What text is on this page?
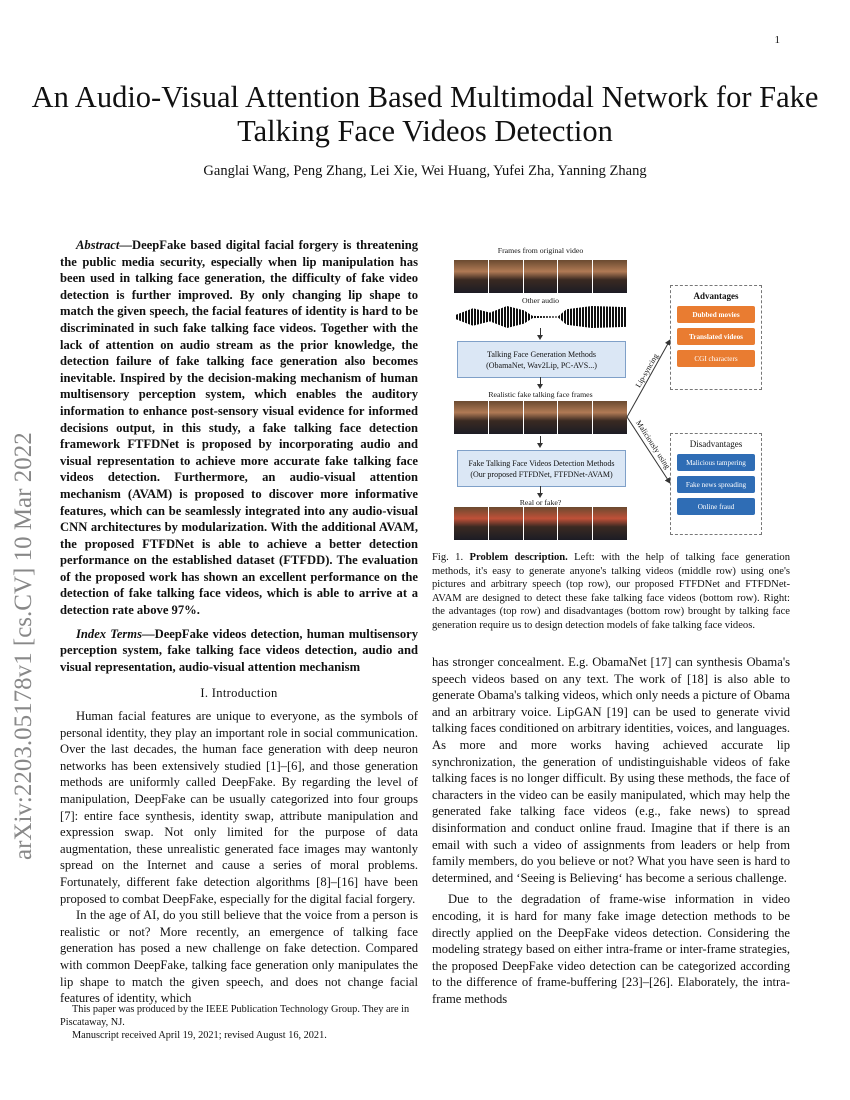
1
arXiv:2203.05178v1 [cs.CV] 10 Mar 2022
An Audio-Visual Attention Based Multimodal Network for Fake Talking Face Videos Detection
Ganglai Wang, Peng Zhang, Lei Xie, Wei Huang, Yufei Zha, Yanning Zhang

Abstract—DeepFake based digital facial forgery is threatening the public media security, especially when lip manipulation has been used in talking face generation, the difficulty of fake video detection is further improved. By only changing lip shape to match the given speech, the facial features of identity is hard to be discriminated in such fake talking face videos. Together with the lack of attention on audio stream as the prior knowledge, the detection failure of fake talking face generation also becomes inevitable. Inspired by the decision-making mechanism of human multisensory perception system, which enables the auditory information to enhance post-sensory visual evidence for informed decisions output, in this study, a fake talking face detection framework FTFDNet is proposed by incorporating audio and visual representation to achieve more accurate fake talking face videos detection. Furthermore, an audio-visual attention mechanism (AVAM) is proposed to discover more informative features, which can be seamlessly integrated into any audio-visual CNN architectures by modularization. With the additional AVAM, the proposed FTFDNet is able to achieve a better detection performance on the established dataset (FTFDD). The evaluation of the proposed work has shown an excellent performance on the detection of fake talking face videos, which is able to arrive at a detection rate above 97%.

Index Terms—DeepFake videos detection, human multisensory perception system, fake talking face videos detection, audio and visual representation, audio-visual attention mechanism

I. Introduction

Human facial features are unique to everyone, as the symbols of personal identity, they play an important role in social communication. Over the last decades, the human face generation with deep neuron networks has been extensively studied [1]–[6], and those generation methods are uniformly called DeepFake. By regarding the level of manipulation, DeepFake can be usually categorized into four groups [7]: entire face synthesis, identity swap, attribute manipulation and expression swap. Not only limited for the purpose of data augmentation, these unrealistic generated face images may wantonly spread on the Internet and cause a series of moral problems. Fortunately, different fake detection algorithms [8]–[16] have been proposed to combat DeepFake, especially for the digital facial forgery.

In the age of AI, do you still believe that the voice from a person is realistic or not? More recently, an emergence of talking face generation has posed a new challenge on fake detection. Compared with common DeepFake, talking face generation only manipulates the lip shape to match the given speech, and does not change facial features of identity, which

This paper was produced by the IEEE Publication Technology Group. They are in Piscataway, NJ.

Manuscript received April 19, 2021; revised August 16, 2021.

Frames from original video
Other audio
Talking Face Generation Methods
(ObamaNet, Wav2Lip, PC-AVS...)
Realistic fake talking face frames
Fake Talking Face Videos Detection Methods
(Our proposed FTFDNet, FTFDNet-AVAM)
Real or fake?
Lip-syncing
Maliciously using
Advantages
Dubbed movies
Translated videos
CGI characters
Disadvantages
Malicious tampering
Fake news spreading
Online fraud
Fig. 1. Problem description. Left: with the help of talking face generation methods, it's easy to generate anyone's talking videos (middle row) using one's pictures and arbitrary speech (top row), our proposed FTFDNet and FTFDNet-AVAM are designed to detect these fake talking face videos (bottom row). Right: the advantages (top row) and disadvantages (bottom row) brought by talking face generation require us to design detection models of fake talking face videos.

has stronger concealment. E.g. ObamaNet [17] can synthesis Obama's speech videos based on any text. The work of [18] is also able to generate Obama's talking videos, which only needs a picture of Obama and an arbitrary voice. LipGAN [19] can be used to generate vivid talking faces conditioned on arbitrary identities, voices, and languages. As more and more works having achieved accurate lip synchronization, the generation of undistinguishable videos of fake talking faces is no longer difficult. By using these methods, the face of characters in the video can be easily manipulated, which may help the generated fake talking face videos (e.g., fake news) to spread disinformation and conduct online fraud. Imagine that if there is an email with such a video of assignments from leaders or help from family members, do you believe or not? What you have seen is hard to determined, and ‘Seeing is Believing‘ has become a serious challenge.

Due to the degradation of frame-wise information in video encoding, it is hard for many fake image detection methods to be directly applied on the DeepFake videos detection. Considering the modeling strategy based on either intra-frame or inter-frame strategies, the proposed DeepFake video detection can be categorized according to the difference of frame-buffering [23]–[26]. Elaborately, the intra-frame methods
